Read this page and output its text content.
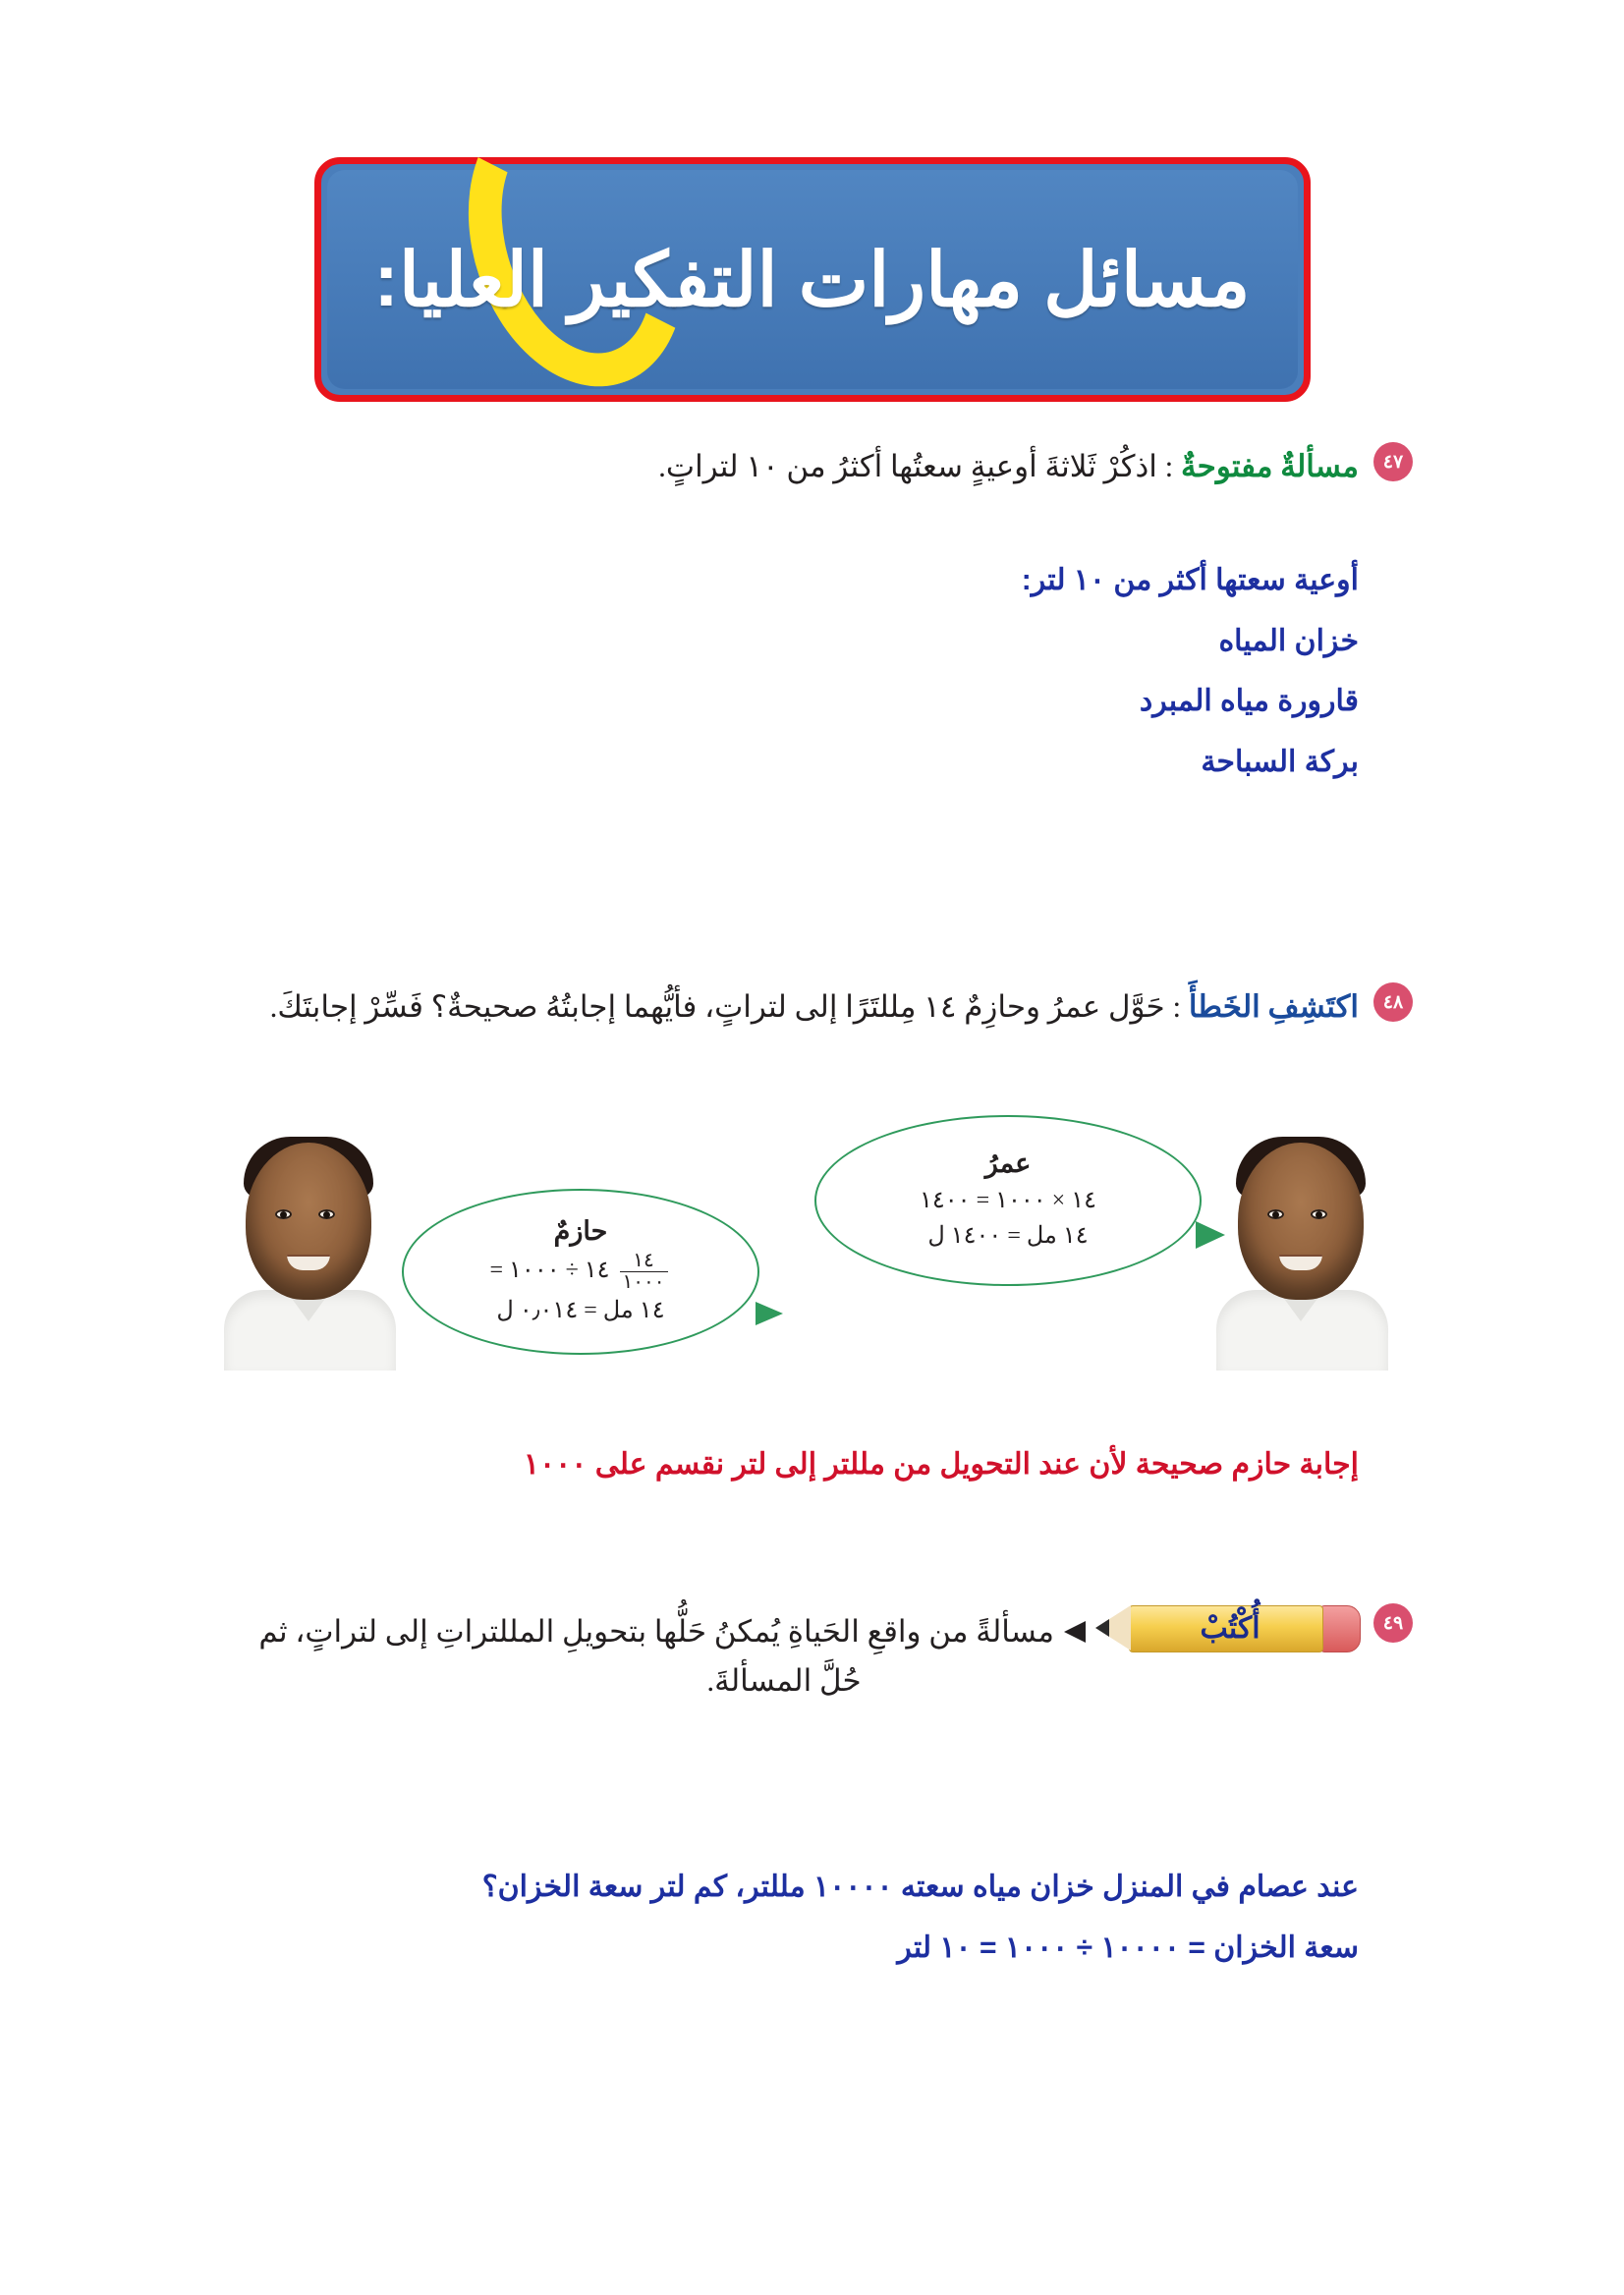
مسائل مهارات التفكير العليا:
٤٧
مسألةٌ مفتوحةٌ : اذكُرْ ثَلاثةَ أوعيةٍ سعتُها أكثرُ من ١٠ لتراتٍ.
أوعية سعتها أكثر من ١٠ لتر:
خزان المياه
قارورة مياه المبرد
بركة السباحة
٤٨
اكتَشِفِ الخَطأَ : حَوَّل عمرُ وحازِمٌ ١٤ مِللتَرًا إلى لتراتٍ، فأيُّهما إجابتُهُ صحيحةٌ؟ فَسِّرْ إجابتَكَ.
عمرُ
١٤ × ١٠٠٠ = ١٤٠٠
١٤ مل = ١٤٠٠ ل
حازمٌ
$\frac{١٤}{١٠٠٠}$
١٤ ÷ ١٠٠٠ =
١٤ مل = ٠٫٠١٤ ل
إجابة حازم صحيحة لأن عند التحويل من مللتر إلى لتر نقسم على ١٠٠٠
٤٩
أُكْتُبْ
مسألةً من واقعِ الحَياةِ يُمكنُ حَلُّها بتحويلِ المللتراتِ إلى لتراتٍ، ثم
حُلَّ المسألةَ.
عند عصام في المنزل خزان مياه سعته ١٠٠٠٠ مللتر، كم لتر سعة الخزان؟
سعة الخزان = ١٠٠٠٠ ÷ ١٠٠٠ = ١٠ لتر
